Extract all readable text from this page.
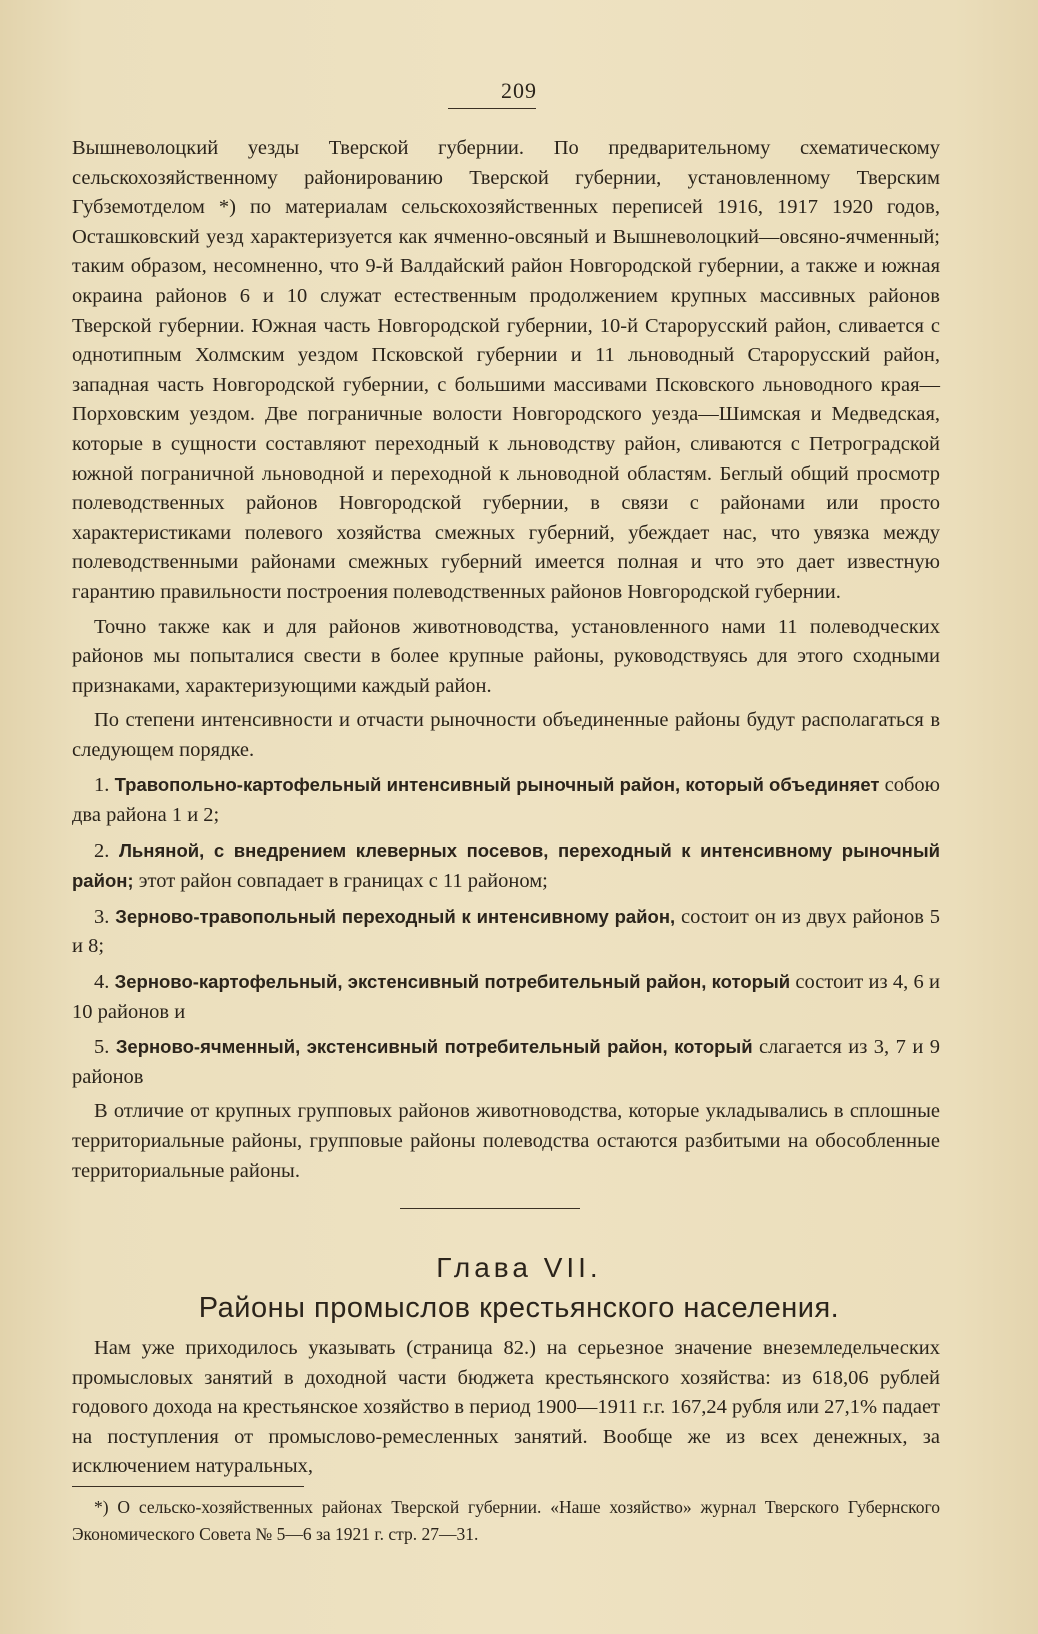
209

Вышневолоцкий уезды Тверской губернии. По предварительному схематическому сельскохозяйственному районированию Тверской губернии, установленному Тверским Губземотделом *) по материалам сельскохозяйственных переписей 1916, 1917 1920 годов, Осташковский уезд характеризуется как ячменно-овсяный и Вышневолоцкий—овсяно-ячменный; таким образом, несомненно, что 9-й Валдайский район Новгородской губернии, а также и южная окраина районов 6 и 10 служат естественным продолжением крупных массивных районов Тверской губернии. Южная часть Новгородской губернии, 10-й Старорусский район, сливается с однотипным Холмским уездом Псковской губернии и 11 льноводный Старорусский район, западная часть Новгородской губернии, с большими массивами Псковского льноводного края—Порховским уездом. Две пограничные волости Новгородского уезда—Шимская и Медведская, которые в сущности составляют переходный к льноводству район, сливаются с Петроградской южной пограничной льноводной и переходной к льноводной областям. Беглый общий просмотр полеводственных районов Новгородской губернии, в связи с районами или просто характеристиками полевого хозяйства смежных губерний, убеждает нас, что увязка между полеводственными районами смежных губерний имеется полная и что это дает известную гарантию правильности построения полеводственных районов Новгородской губернии.

Точно также как и для районов животноводства, установленного нами 11 полеводческих районов мы попыталися свести в более крупные районы, руководствуясь для этого сходными признаками, характеризующими каждый район.

По степени интенсивности и отчасти рыночности объединенные районы будут располагаться в следующем порядке.

1. Травопольно-картофельный интенсивный рыночный район, который объединяет собою два района 1 и 2;
2. Льняной, с внедрением клеверных посевов, переходный к интенсивному рыночный район; этот район совпадает в границах с 11 районом;
3. Зерново-травопольный переходный к интенсивному район, состоит он из двух районов 5 и 8;
4. Зерново-картофельный, экстенсивный потребительный район, который состоит из 4, 6 и 10 районов и
5. Зерново-ячменный, экстенсивный потребительный район, который слагается из 3, 7 и 9 районов

В отличие от крупных групповых районов животноводства, которые укладывались в сплошные территориальные районы, групповые районы полеводства остаются разбитыми на обособленные территориальные районы.

Глава VII.
Районы промыслов крестьянского населения.

Нам уже приходилось указывать (страница 82.) на серьезное значение внеземледельческих промысловых занятий в доходной части бюджета крестьянского хозяйства: из 618,06 рублей годового дохода на крестьянское хозяйство в период 1900—1911 г.г. 167,24 рубля или 27,1% падает на поступления от промыслово-ремесленных занятий. Вообще же из всех денежных, за исключением натуральных,

*) О сельско-хозяйственных районах Тверской губернии. «Наше хозяйство» журнал Тверского Губернского Экономического Совета № 5—6 за 1921 г. стр. 27—31.
